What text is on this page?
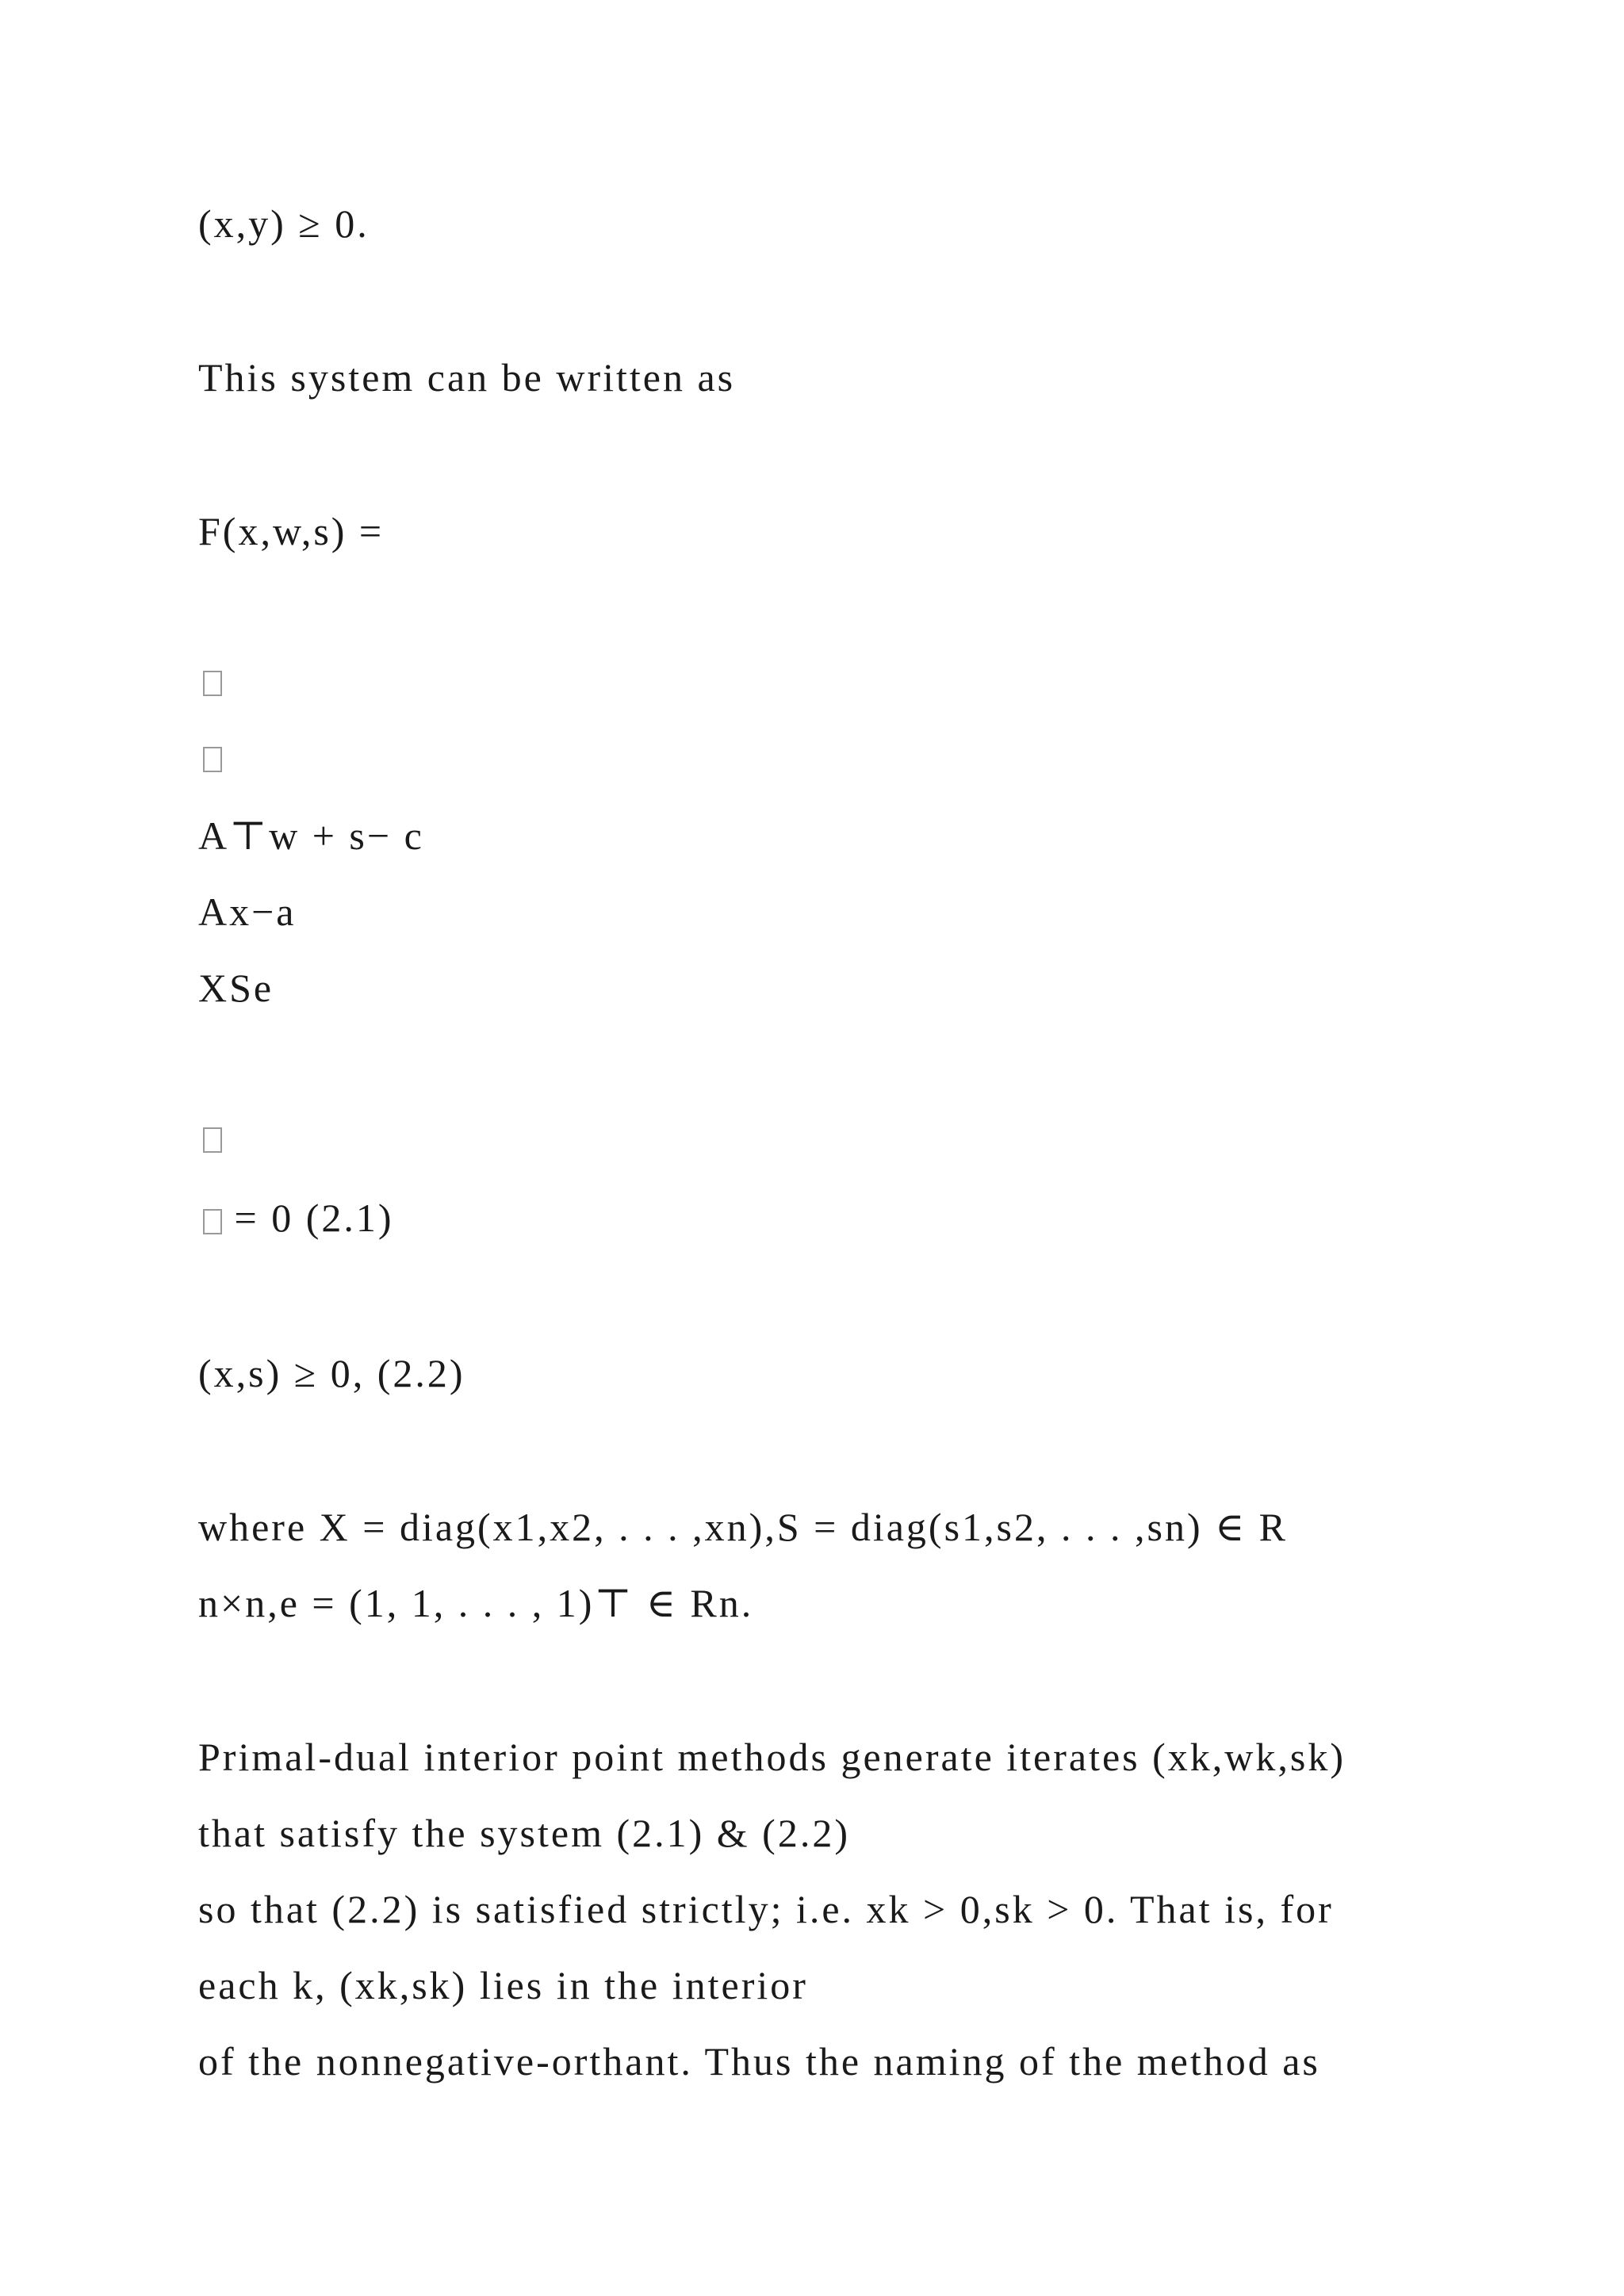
(x,y) ≥ 0.
This system can be written as
F(x,w,s) =
A⊤w + s− c
Ax−a
XSe
= 0 (2.1)
(x,s) ≥ 0, (2.2)
where X = diag(x1,x2, . . . ,xn),S = diag(s1,s2, . . . ,sn) ∈ R
n×n,e = (1, 1, . . . , 1)⊤ ∈ Rn.
Primal-dual interior point methods generate iterates (xk,wk,sk)
that satisfy the system (2.1) & (2.2)
so that (2.2) is satisfied strictly; i.e. xk > 0,sk > 0. That is, for
each k, (xk,sk) lies in the interior
of the nonnegative-orthant. Thus the naming of the method as
